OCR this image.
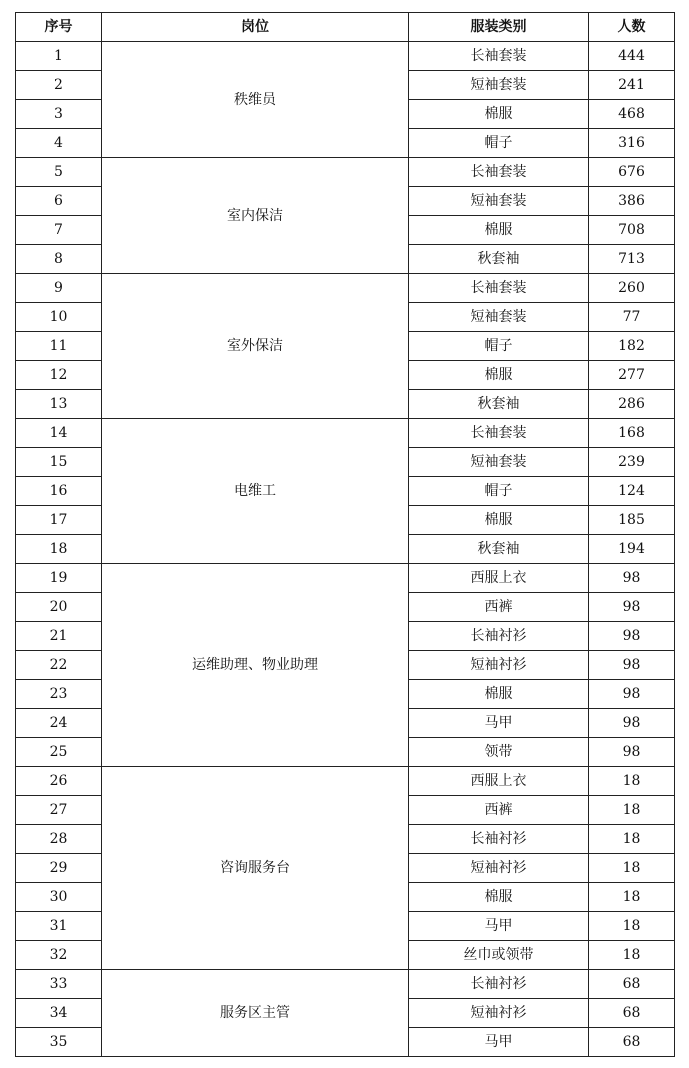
序号	岗位	服装类别	人数
1	秩维员	长袖套装	444
2		短袖套装	241
3		棉服	468
4		帽子	316
5	室内保洁	长袖套装	676
6		短袖套装	386
7		棉服	708
8		秋套袖	713
9	室外保洁	长袖套装	260
10		短袖套装	77
11		帽子	182
12		棉服	277
13		秋套袖	286
14	电维工	长袖套装	168
15		短袖套装	239
16		帽子	124
17		棉服	185
18		秋套袖	194
19	运维助理、物业助理	西服上衣	98
20		西裤	98
21		长袖衬衫	98
22		短袖衬衫	98
23		棉服	98
24		马甲	98
25		领带	98
26	咨询服务台	西服上衣	18
27		西裤	18
28		长袖衬衫	18
29		短袖衬衫	18
30		棉服	18
31		马甲	18
32		丝巾或领带	18
33	服务区主管	长袖衬衫	68
34		短袖衬衫	68
35		马甲	68
